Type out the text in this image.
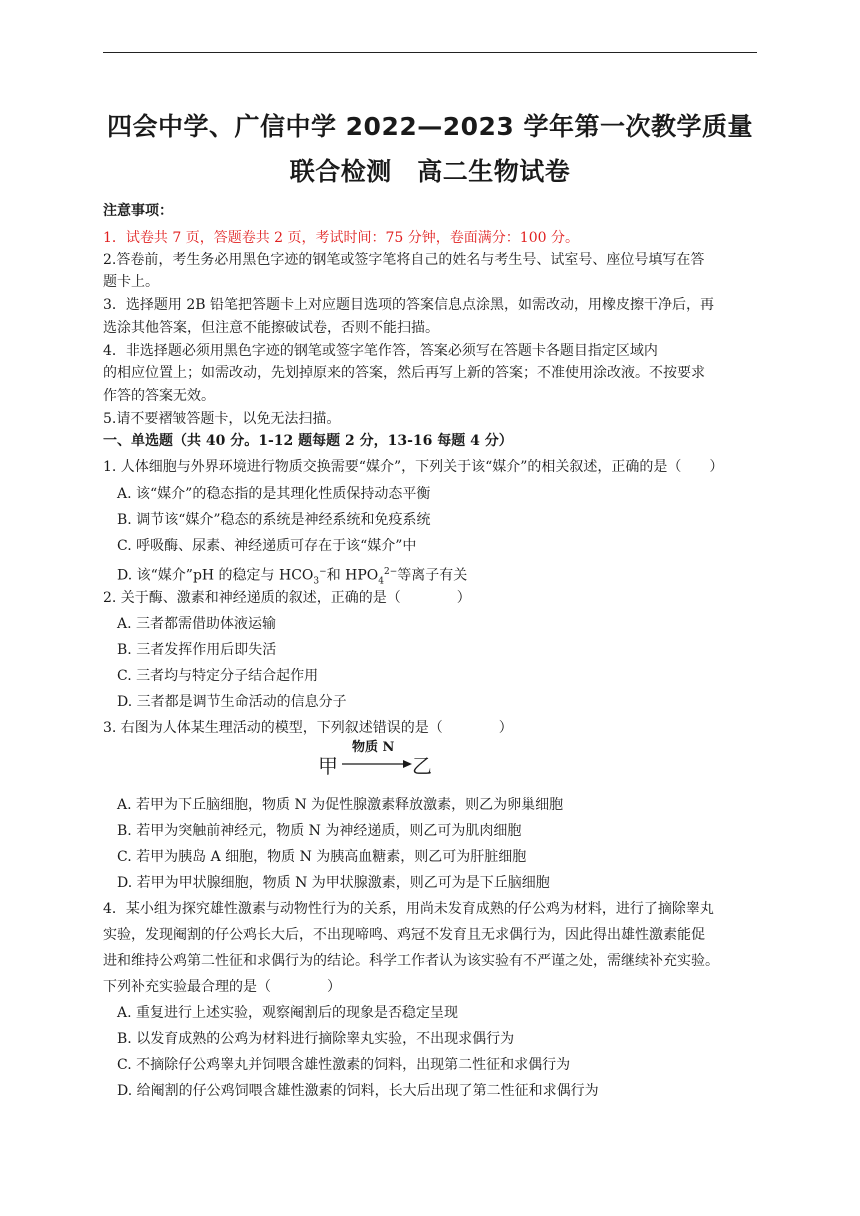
四会中学、广信中学 2022—2023 学年第一次教学质量
联合检测　高二生物试卷
注意事项：
1．试卷共 7 页，答题卷共 2 页，考试时间：75 分钟，卷面满分：100 分。
2.答卷前，考生务必用黑色字迹的钢笔或签字笔将自己的姓名与考生号、试室号、座位号填写在答
题卡上。
3．选择题用 2B 铅笔把答题卡上对应题目选项的答案信息点涂黑，如需改动，用橡皮擦干净后，再
选涂其他答案，但注意不能擦破试卷，否则不能扫描。
4．非选择题必须用黑色字迹的钢笔或签字笔作答，答案必须写在答题卡各题目指定区域内
的相应位置上；如需改动，先划掉原来的答案，然后再写上新的答案；不准使用涂改液。不按要求
作答的答案无效。
5.请不要褶皱答题卡，以免无法扫描。
一、单选题（共 40 分。1-12 题每题 2 分，13-16 每题 4 分）
1. 人体细胞与外界环境进行物质交换需要“媒介”，下列关于该“媒介”的相关叙述，正确的是（　　）
A. 该“媒介”的稳态指的是其理化性质保持动态平衡
B. 调节该“媒介”稳态的系统是神经系统和免疫系统
C. 呼吸酶、尿素、神经递质可存在于该“媒介”中
D. 该“媒介”pH 的稳定与 $HCO_3^-$和 $HPO_4^{2-}$等离子有关
2. 关于酶、激素和神经递质的叙述，正确的是（　　　　）
A. 三者都需借助体液运输
B. 三者发挥作用后即失活
C. 三者均与特定分子结合起作用
D. 三者都是调节生命活动的信息分子
3. 右图为人体某生理活动的模型，下列叙述错误的是（　　　　）
甲
物质 N
乙
A. 若甲为下丘脑细胞，物质 N 为促性腺激素释放激素，则乙为卵巢细胞
B. 若甲为突触前神经元，物质 N 为神经递质，则乙可为肌肉细胞
C. 若甲为胰岛 A 细胞，物质 N 为胰高血糖素，则乙可为肝脏细胞
D. 若甲为甲状腺细胞，物质 N 为甲状腺激素，则乙可为是下丘脑细胞
4．某小组为探究雄性激素与动物性行为的关系，用尚未发育成熟的仔公鸡为材料，进行了摘除睾丸
实验，发现阉割的仔公鸡长大后，不出现啼鸣、鸡冠不发育且无求偶行为，因此得出雄性激素能促
进和维持公鸡第二性征和求偶行为的结论。科学工作者认为该实验有不严谨之处，需继续补充实验。
下列补充实验最合理的是（　　　　）
A. 重复进行上述实验，观察阉割后的现象是否稳定呈现
B. 以发育成熟的公鸡为材料进行摘除睾丸实验，不出现求偶行为
C. 不摘除仔公鸡睾丸并饲喂含雄性激素的饲料，出现第二性征和求偶行为
D. 给阉割的仔公鸡饲喂含雄性激素的饲料，长大后出现了第二性征和求偶行为
